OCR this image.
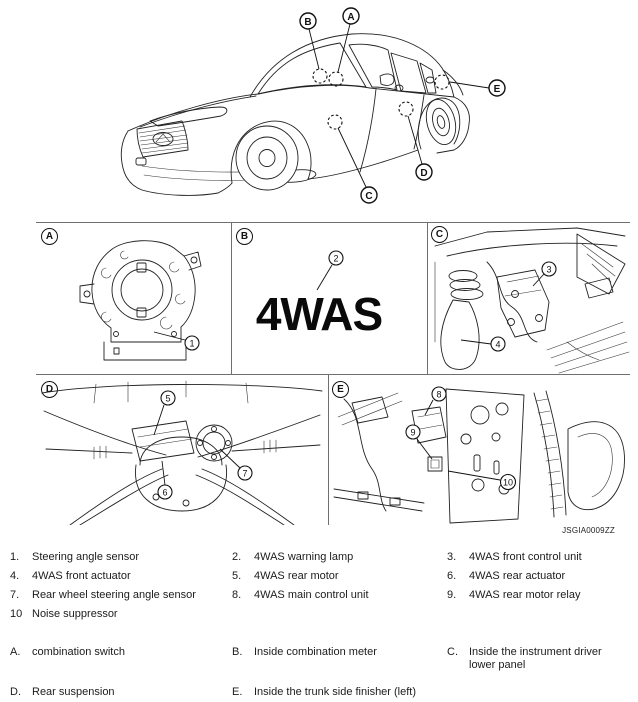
A
B
C
D
E
A	B	C
D	E
1
4WAS
2
3
4
5
6
7
8
9
10
JSGIA0009ZZ
1.	Steering angle sensor	2.	4WAS warning lamp	3.	4WAS front control unit
4.	4WAS front actuator	5.	4WAS rear motor	6.	4WAS rear actuator
7.	Rear wheel steering angle sensor	8.	4WAS main control unit	9.	4WAS rear motor relay
10 Noise suppressor
A.	combination switch	B.	Inside combination meter	C.	Inside the instrument driver lower panel
D.	Rear suspension	E.	Inside the trunk side finisher (left)
